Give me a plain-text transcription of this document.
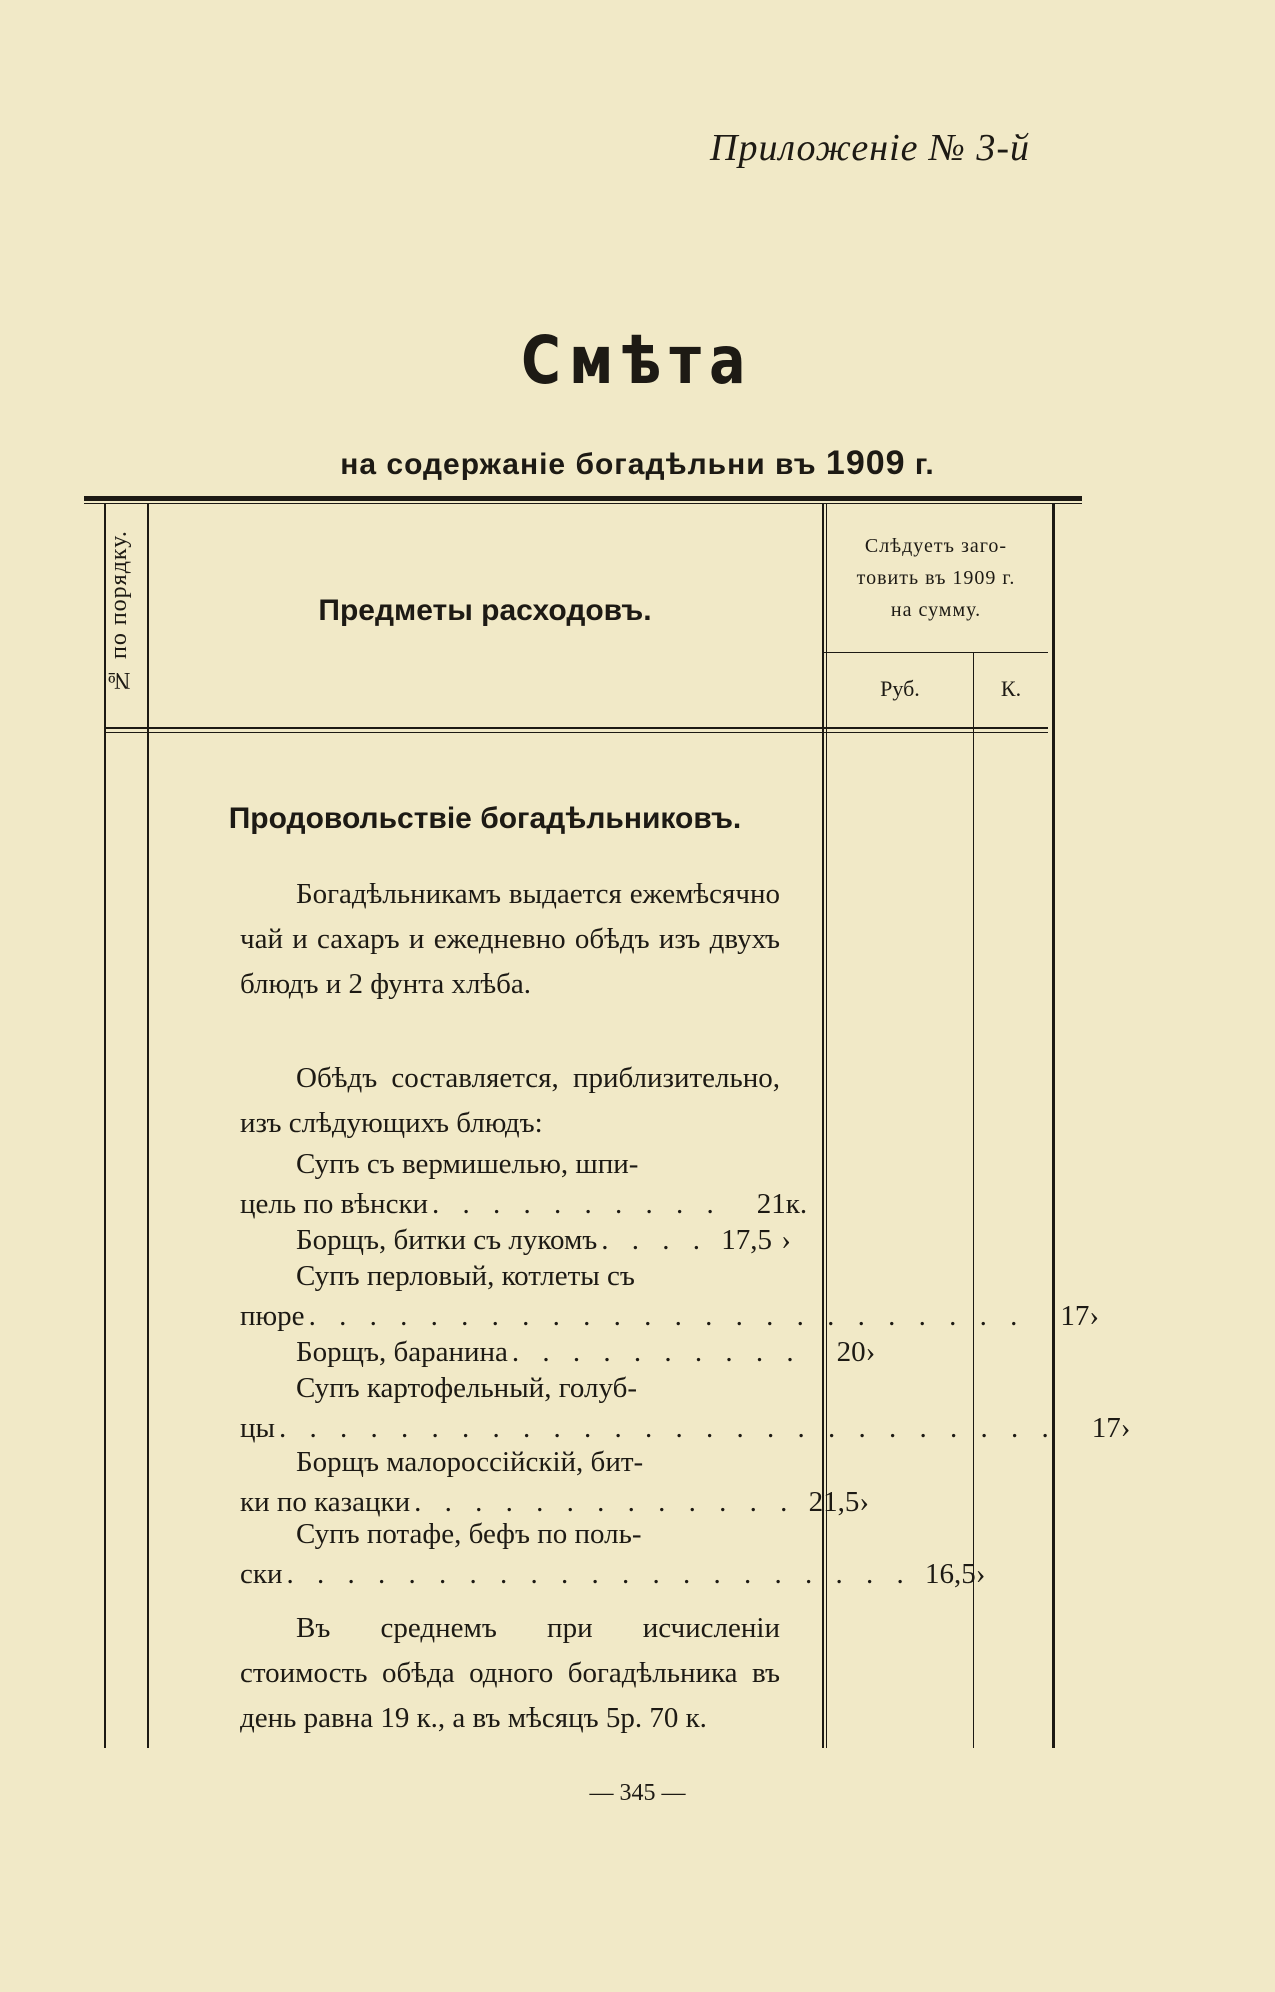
Приложенiе № 3-й
Смѣта
на содержанiе богадѣльни въ 1909 г.
№ по порядку.	Предметы расходовъ.
Слѣдуетъ заго-
товить въ 1909 г.
на сумму.
Руб.	К.
Продовольствiе богадѣльниковъ.

Богадѣльникамъ выдается ежемѣсячно чай и сахаръ и ежедневно обѣдъ изъ двухъ блюдъ и 2 фунта хлѣба.

Обѣдъ составляется, приблизительно, изъ слѣдующихъ блюдъ:

Супъ съ вермишелью, шпи-
цель по вѣнски . . . . . . . . . .	21 к.
Борщъ, битки съ лукомъ . . . . 17,5 ›
Супъ перловый, котлеты съ
пюре . . . . . . . . . . . . . . . . . . . . . . . .	17 ›
Борщъ, баранина . . . . . . . . . .	20 ›
Супъ картофельный, голуб-
цы . . . . . . . . . . . . . . . . . . . . . . . . . .	17 ›
Борщъ малороссiйскiй, бит-
ки по казацки . . . . . . . . . . . . . 21,5 ›
Супъ потафе, бефъ по поль-
ски . . . . . . . . . . . . . . . . . . . . . 16,5 ›

Въ среднемъ при исчисленiи стоимость обѣда одного богадѣльника въ день равна 19 к., а въ мѣсяцъ 5р. 70 к.

— 345 —
